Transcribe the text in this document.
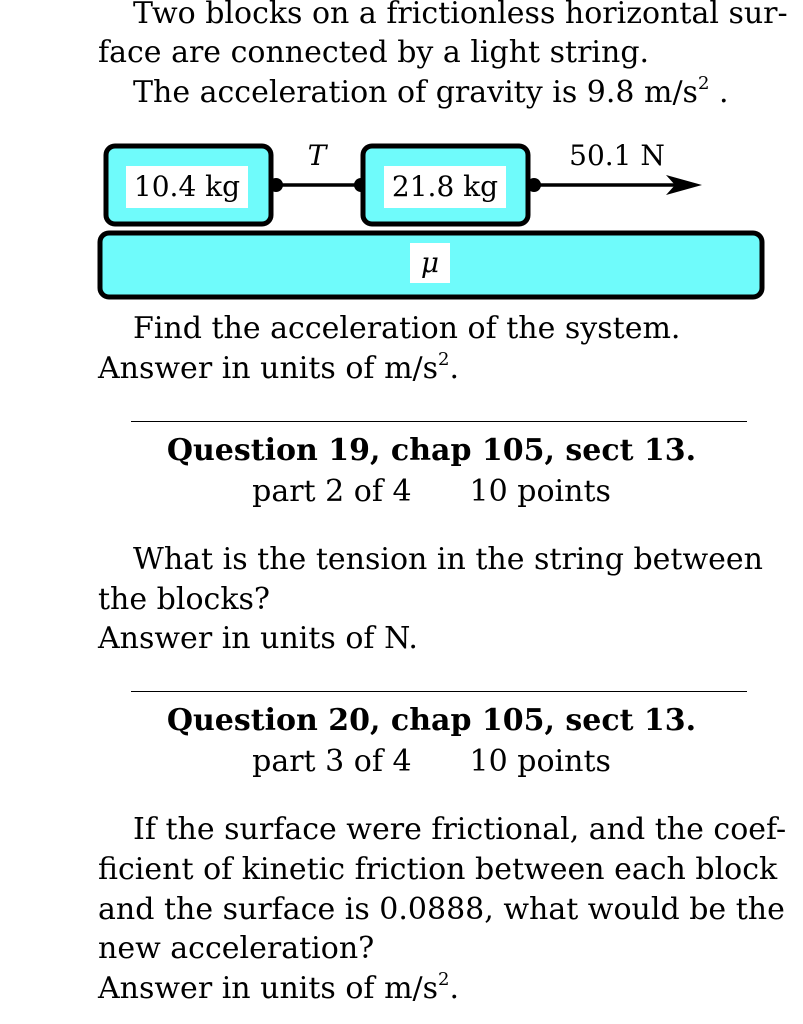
Two blocks on a frictionless horizontal sur-
face are connected by a light string.
The acceleration of gravity is 9.8 $m/s^2$ .
μ
10.4 kg
T
21.8 kg
50.1 N
Find the acceleration of the system.
Answer in units of $m/s^2$.
Question 19, chap 105, sect 13.
part 2 of 4 10 points
What is the tension in the string between
the blocks?
Answer in units of N.
Question 20, chap 105, sect 13.
part 3 of 4 10 points
If the surface were frictional, and the coef-
ficient of kinetic friction between each block
and the surface is 0.0888, what would be the
new acceleration?
Answer in units of $m/s^2$.
